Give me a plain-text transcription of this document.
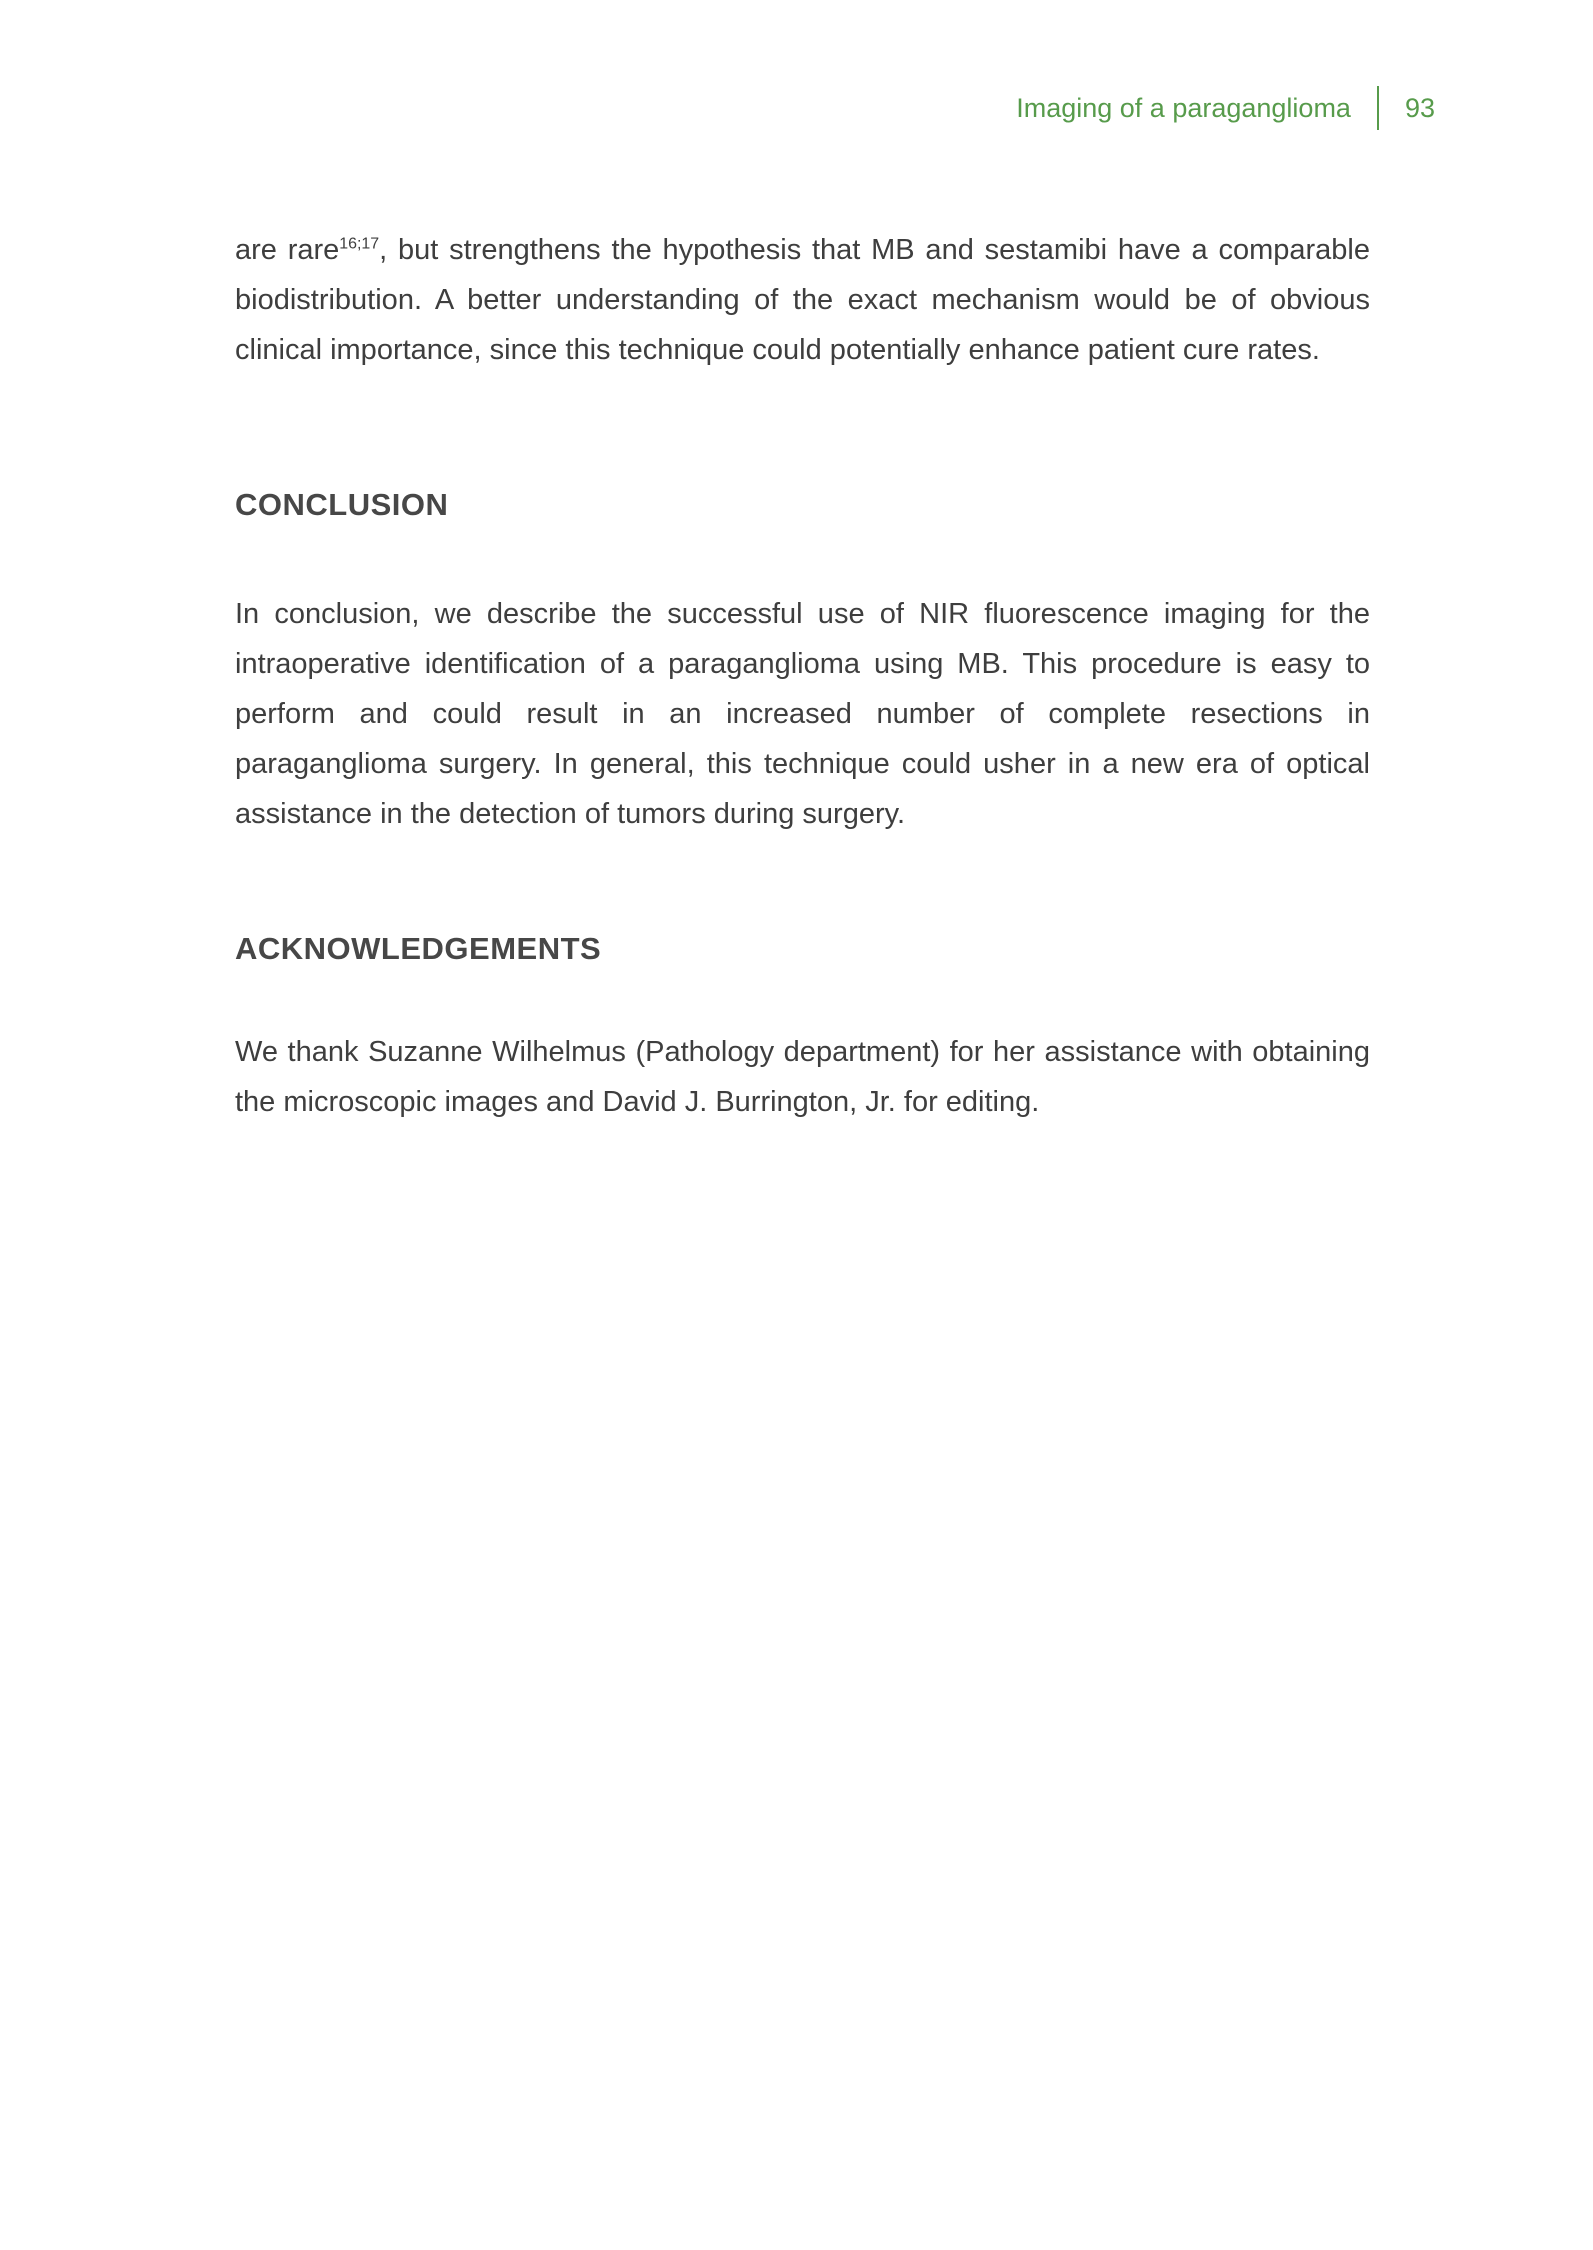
Imaging of a paraganglioma 93

are rare$^{16;17}$, but strengthens the hypothesis that MB and sestamibi have a comparable biodistribution. A better understanding of the exact mechanism would be of obvious clinical importance, since this technique could potentially enhance patient cure rates.

CONCLUSION

In conclusion, we describe the successful use of NIR fluorescence imaging for the intraoperative identification of a paraganglioma using MB. This procedure is easy to perform and could result in an increased number of complete resections in paraganglioma surgery. In general, this technique could usher in a new era of optical assistance in the detection of tumors during surgery.

ACKNOWLEDGEMENTS

We thank Suzanne Wilhelmus (Pathology department) for her assistance with obtaining the microscopic images and David J. Burrington, Jr. for editing.
